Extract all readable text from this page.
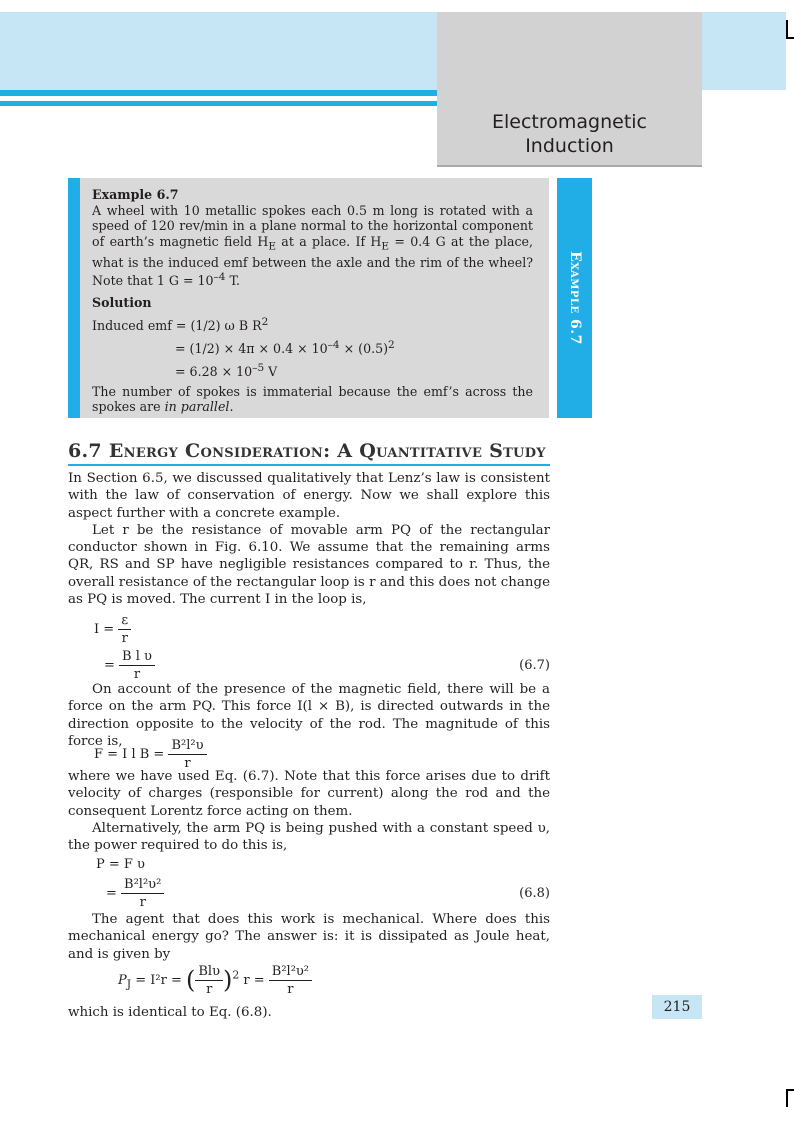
Electromagnetic
Induction
Example 6.7

Example 6.7

A wheel with 10 metallic spokes each 0.5 m long is rotated with a speed of 120 rev/min in a plane normal to the horizontal component of earth’s magnetic field $H_E$ at a place. If $H_E = 0.4$ G at the place, what is the induced emf between the axle and the rim of the wheel? Note that 1 $G = 10^{-4}$ T.

Solution

Induced emf = (1/2) ω B $R^2$

= $(1/2) \times 4\pi \times 0.4 \times 10^{-4} \times (0.5)^2$

= $6.28 \times 10^{-5}$ V

The number of spokes is immaterial because the emf’s across the spokes are in parallel.

6.7 Energy Consideration: A Quantitative Study

In Section 6.5, we discussed qualitatively that Lenz’s law is consistent with the law of conservation of energy. Now we shall explore this aspect further with a concrete example.

Let r be the resistance of movable arm PQ of the rectangular conductor shown in Fig. 6.10. We assume that the remaining arms QR, RS and SP have negligible resistances compared to r. Thus, the overall resistance of the rectangular loop is r and this does not change as PQ is moved. The current I in the loop is,

$I = \frac{\varepsilon}{r}$
= $\frac{\text{B l υ}}{r}$	(6.7)

On account of the presence of the magnetic field, there will be a force on the arm PQ. This force I(l × B), is directed outwards in the direction opposite to the velocity of the rod. The magnitude of this force is,

F = I l $B = \frac{\text{B²l²υ}}{r}$

where we have used Eq. (6.7). Note that this force arises due to drift velocity of charges (responsible for current) along the rod and the consequent Lorentz force acting on them.

Alternatively, the arm PQ is being pushed with a constant speed υ, the power required to do this is,

P = F υ
= $\frac{\text{B²l²υ²}}{r}$	(6.8)

The agent that does this work is mechanical. Where does this mechanical energy go? The answer is: it is dissipated as Joule heat, and is given by

$P_J = I^2r$ = ( $\frac{\text{Blυ}}{r} )^2$ $r = \frac{\text{B²l²υ²}}{r}$

which is identical to Eq. (6.8).	215
